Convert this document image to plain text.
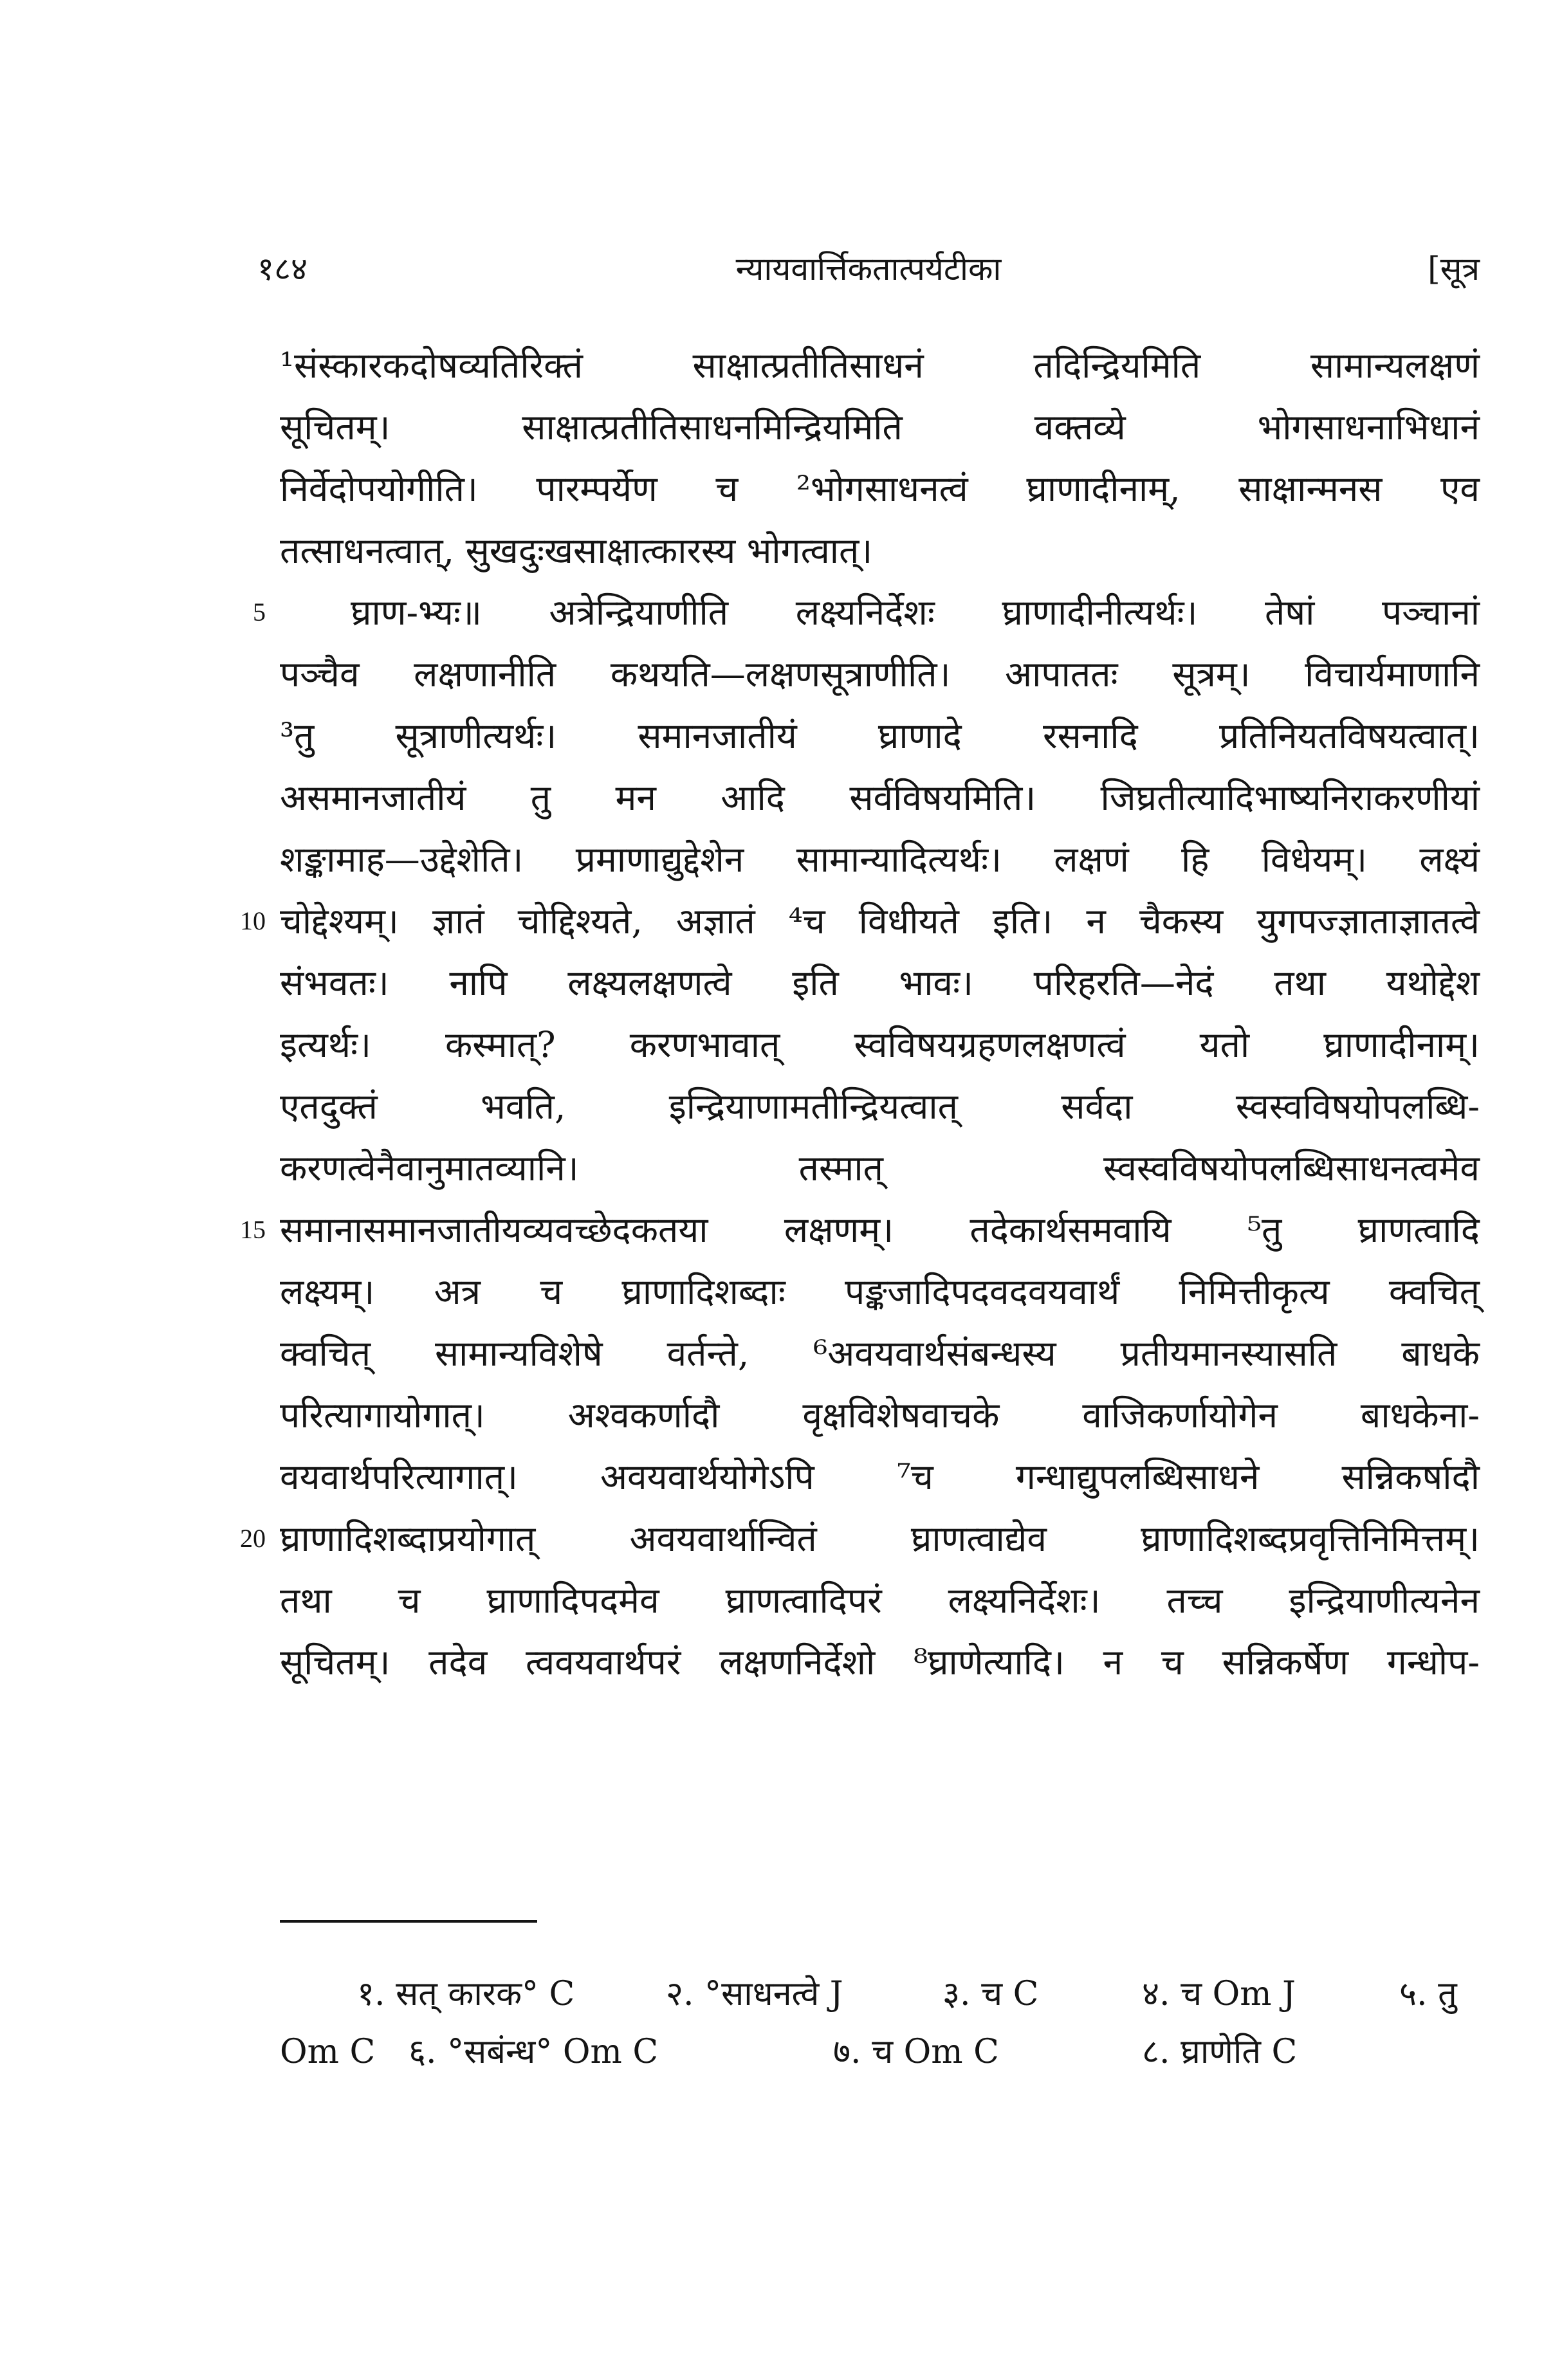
१८४	न्यायवार्त्तिकतात्पर्यटीका	[सूत्र
¹संस्कारकदोषव्यतिरिक्तं साक्षात्प्रतीतिसाधनं तदिन्द्रियमिति सामान्यलक्षणं
सूचितम्। साक्षात्प्रतीतिसाधनमिन्द्रियमिति वक्तव्ये भोगसाधनाभिधानं
निर्वेदोपयोगीति। पारम्पर्येण च ²भोगसाधनत्वं घ्राणादीनाम्, साक्षान्मनस एव
तत्साधनत्वात्, सुखदुःखसाक्षात्कारस्य भोगत्वात्।
5 घ्राण-भ्यः॥ अत्रेन्द्रियाणीति लक्ष्यनिर्देशः घ्राणादीनीत्यर्थः। तेषां पञ्चानां
पञ्चैव लक्षणानीति कथयति—लक्षणसूत्राणीति। आपाततः सूत्रम्। विचार्यमाणानि
³तु सूत्राणीत्यर्थः। समानजातीयं घ्राणादे रसनादि प्रतिनियतविषयत्वात्।
असमानजातीयं तु मन आदि सर्वविषयमिति। जिघ्रतीत्यादिभाष्यनिराकरणीयां
शङ्कामाह—उद्देशेति। प्रमाणाद्युद्देशेन सामान्यादित्यर्थः। लक्षणं हि विधेयम्। लक्ष्यं
10 चोद्देश्यम्। ज्ञातं चोद्दिश्यते, अज्ञातं ⁴च विधीयते इति। न चैकस्य युगपज्ज्ञाताज्ञातत्वे
संभवतः। नापि लक्ष्यलक्षणत्वे इति भावः। परिहरति—नेदं तथा यथोद्देश
इत्यर्थः। कस्मात्? करणभावात् स्वविषयग्रहणलक्षणत्वं यतो घ्राणादीनाम्।
एतदुक्तं भवति, इन्द्रियाणामतीन्द्रियत्वात् सर्वदा स्वस्वविषयोपलब्धि-
करणत्वेनैवानुमातव्यानि। तस्मात् स्वस्वविषयोपलब्धिसाधनत्वमेव
15 समानासमानजातीयव्यवच्छेदकतया लक्षणम्। तदेकार्थसमवायि ⁵तु घ्राणत्वादि
लक्ष्यम्। अत्र च घ्राणादिशब्दाः पङ्कजादिपदवदवयवार्थं निमित्तीकृत्य क्वचित्
क्वचित् सामान्यविशेषे वर्तन्ते, ⁶अवयवार्थसंबन्धस्य प्रतीयमानस्यासति बाधके
परित्यागायोगात्। अश्वकर्णादौ वृक्षविशेषवाचके वाजिकर्णायोगेन बाधकेना-
वयवार्थपरित्यागात्। अवयवार्थयोगेऽपि ⁷च गन्धाद्युपलब्धिसाधने सन्निकर्षादौ
20 घ्राणादिशब्दाप्रयोगात् अवयवार्थान्वितं घ्राणत्वाद्येव घ्राणादिशब्दप्रवृत्तिनिमित्तम्।
तथा च घ्राणादिपदमेव घ्राणत्वादिपरं लक्ष्यनिर्देशः। तच्च इन्द्रियाणीत्यनेन
सूचितम्। तदेव त्ववयवार्थपरं लक्षणनिर्देशो ⁸घ्राणेत्यादि। न च सन्निकर्षेण गन्धोप-
१. सत् कारक° C	२. °साधनत्वे J	३. च C	४. च Om J	५. तु
Om C ६. °सबंन्ध° Om C	७. च Om C	८. घ्राणेति C
